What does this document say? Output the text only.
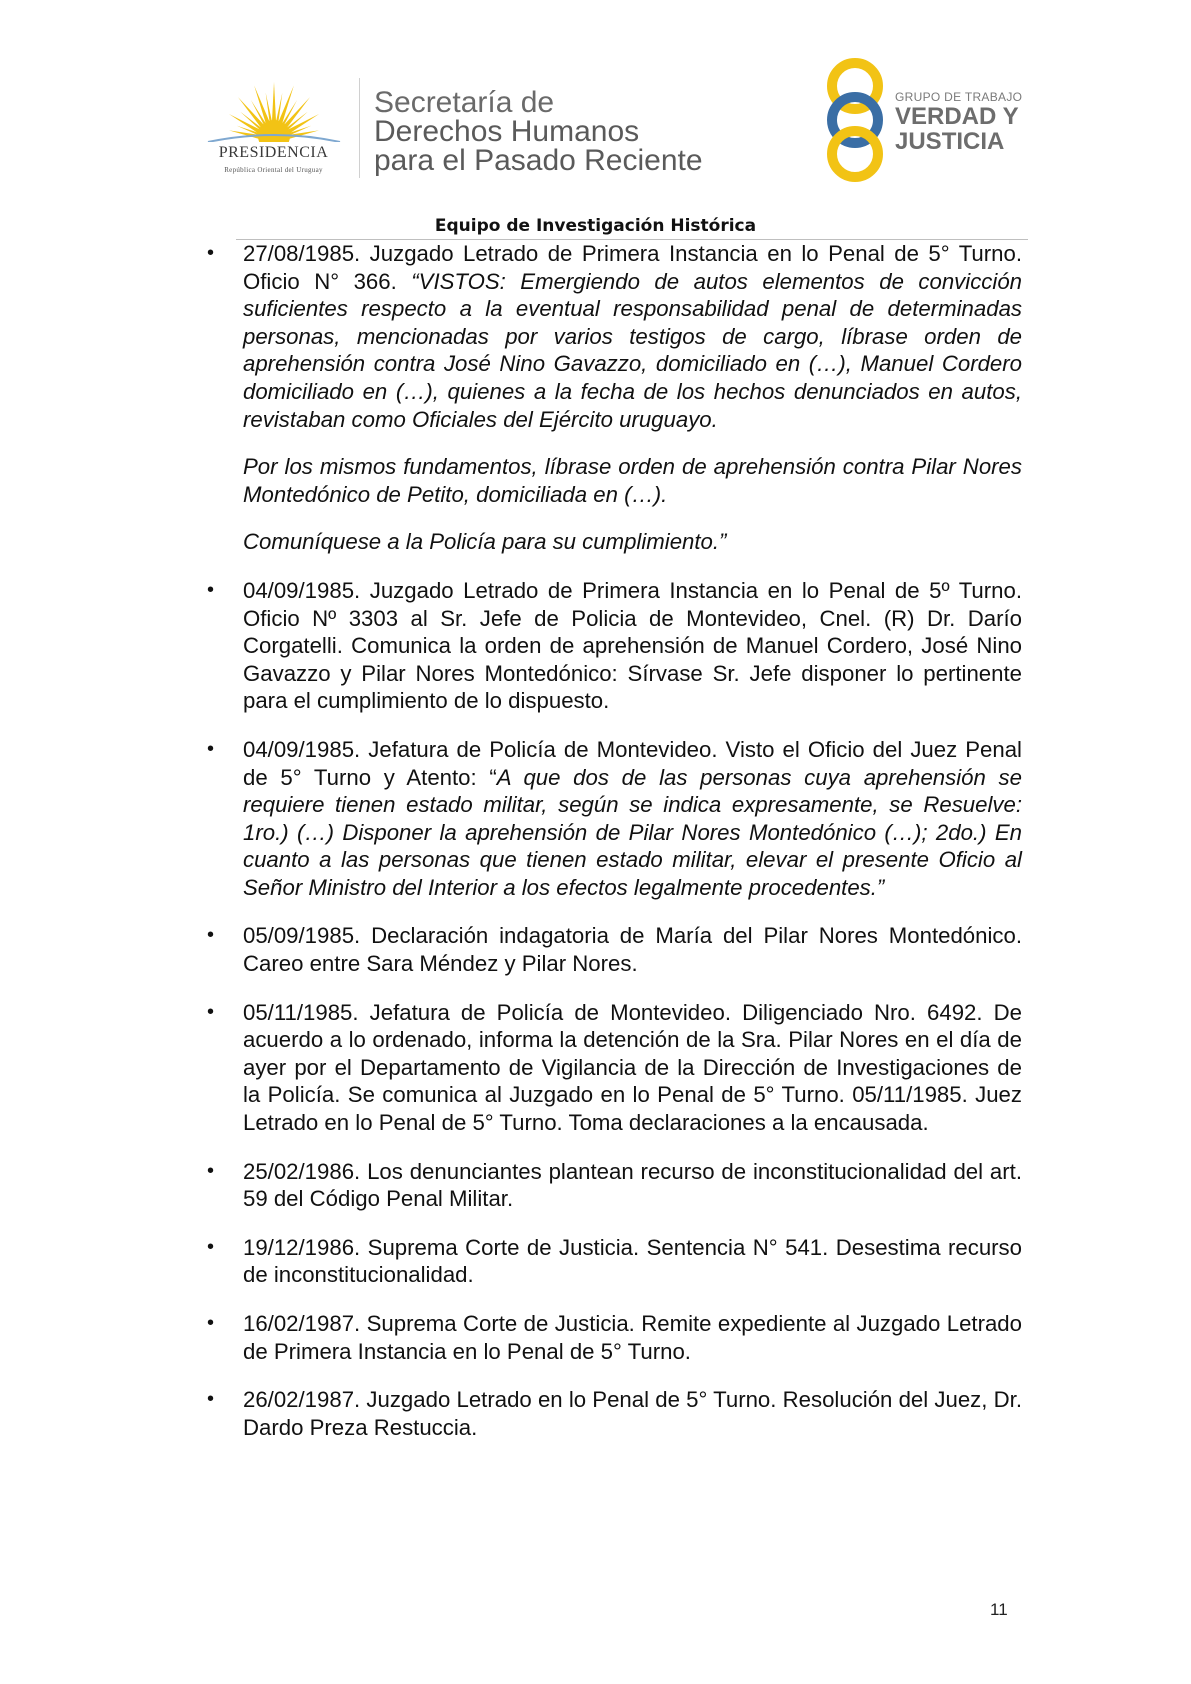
PRESIDENCIA
República Oriental del Uruguay
Secretaría de
Derechos Humanos
para el Pasado Reciente
GRUPO DE TRABAJO
VERDAD Y
JUSTICIA
Equipo de Investigación Histórica
• 27/08/1985. Juzgado Letrado de Primera Instancia en lo Penal de 5° Turno. Oficio N° 366. “VISTOS: Emergiendo de autos elementos de convicción suficientes respecto a la eventual responsabilidad penal de determinadas personas, mencionadas por varios testigos de cargo, líbrase orden de aprehensión contra José Nino Gavazzo, domiciliado en (…), Manuel Cordero domiciliado en (…), quienes a la fecha de los hechos denunciados en autos, revistaban como Oficiales del Ejército uruguayo.

Por los mismos fundamentos, líbrase orden de aprehensión contra Pilar Nores Montedónico de Petito, domiciliada en (…).

Comuníquese a la Policía para su cumplimiento.”

• 04/09/1985. Juzgado Letrado de Primera Instancia en lo Penal de 5º Turno. Oficio Nº 3303 al Sr. Jefe de Policia de Montevideo, Cnel. (R) Dr. Darío Corgatelli. Comunica la orden de aprehensión de Manuel Cordero, José Nino Gavazzo y Pilar Nores Montedónico: Sírvase Sr. Jefe disponer lo pertinente para el cumplimiento de lo dispuesto.

• 04/09/1985. Jefatura de Policía de Montevideo. Visto el Oficio del Juez Penal de 5° Turno y Atento: “A que dos de las personas cuya aprehensión se requiere tienen estado militar, según se indica expresamente, se Resuelve: 1ro.) (…) Disponer la aprehensión de Pilar Nores Montedónico (…); 2do.) En cuanto a las personas que tienen estado militar, elevar el presente Oficio al Señor Ministro del Interior a los efectos legalmente procedentes.”

• 05/09/1985. Declaración indagatoria de María del Pilar Nores Montedónico. Careo entre Sara Méndez y Pilar Nores.

• 05/11/1985. Jefatura de Policía de Montevideo. Diligenciado Nro. 6492. De acuerdo a lo ordenado, informa la detención de la Sra. Pilar Nores en el día de ayer por el Departamento de Vigilancia de la Dirección de Investigaciones de la Policía. Se comunica al Juzgado en lo Penal de 5° Turno. 05/11/1985. Juez Letrado en lo Penal de 5° Turno. Toma declaraciones a la encausada.

• 25/02/1986. Los denunciantes plantean recurso de inconstitucionalidad del art. 59 del Código Penal Militar.

• 19/12/1986. Suprema Corte de Justicia. Sentencia N° 541. Desestima recurso de inconstitucionalidad.

• 16/02/1987. Suprema Corte de Justicia. Remite expediente al Juzgado Letrado de Primera Instancia en lo Penal de 5° Turno.

• 26/02/1987. Juzgado Letrado en lo Penal de 5° Turno. Resolución del Juez, Dr. Dardo Preza Restuccia.

11
